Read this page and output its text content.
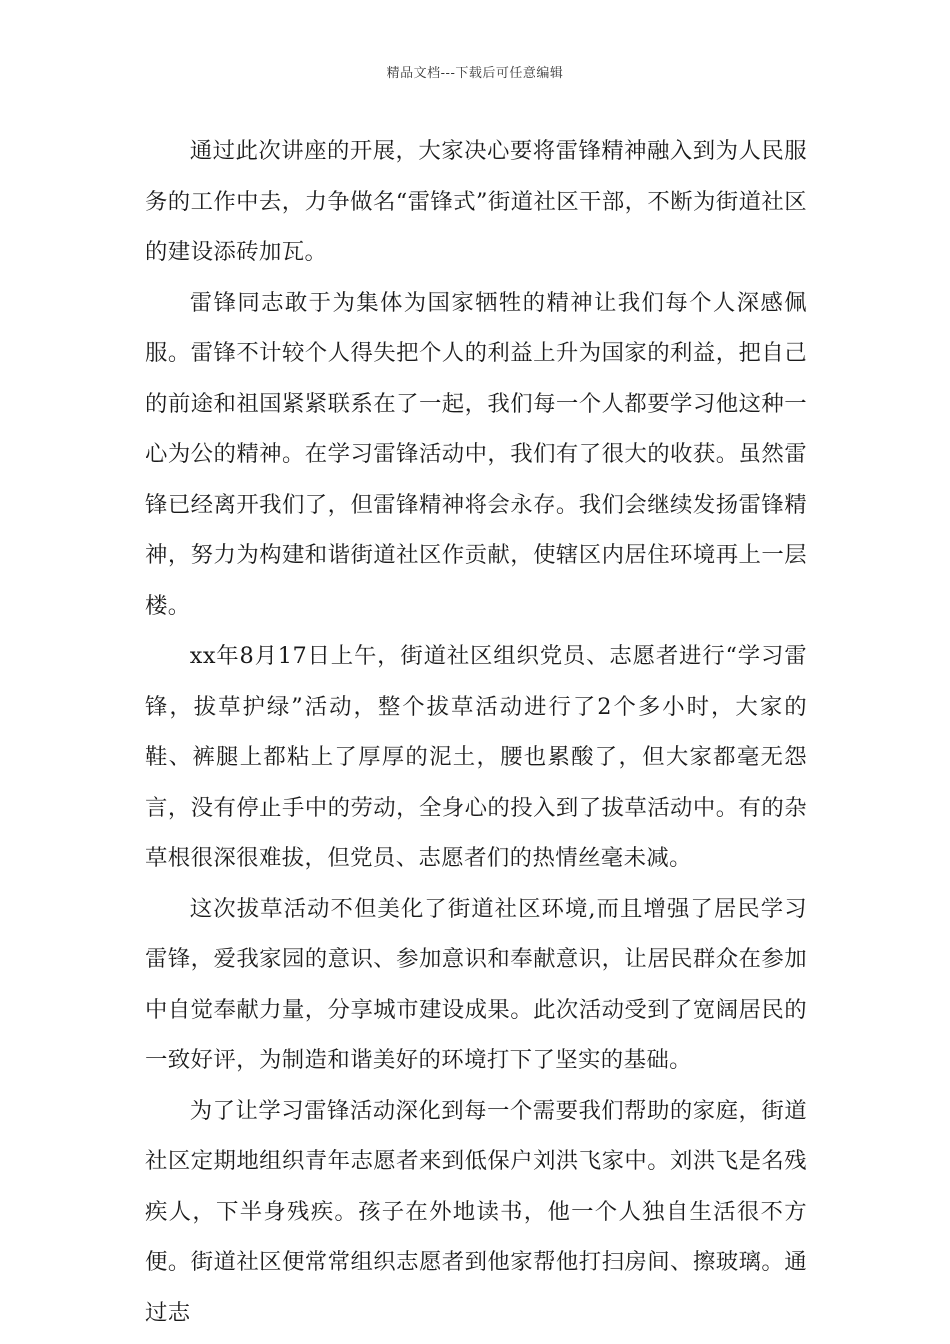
精品文档---下载后可任意编辑

通过此次讲座的开展，大家决心要将雷锋精神融入到为人民服务的工作中去，力争做名“雷锋式”街道社区干部，不断为街道社区的建设添砖加瓦。

雷锋同志敢于为集体为国家牺牲的精神让我们每个人深感佩服。雷锋不计较个人得失把个人的利益上升为国家的利益，把自己的前途和祖国紧紧联系在了一起，我们每一个人都要学习他这种一心为公的精神。在学习雷锋活动中，我们有了很大的收获。虽然雷锋已经离开我们了，但雷锋精神将会永存。我们会继续发扬雷锋精神，努力为构建和谐街道社区作贡献，使辖区内居住环境再上一层楼。

xx年8月17日上午，街道社区组织党员、志愿者进行“学习雷锋，拔草护绿”活动，整个拔草活动进行了2个多小时，大家的鞋、裤腿上都粘上了厚厚的泥土，腰也累酸了，但大家都毫无怨言，没有停止手中的劳动，全身心的投入到了拔草活动中。有的杂草根很深很难拔，但党员、志愿者们的热情丝毫未减。

这次拔草活动不但美化了街道社区环境,而且增强了居民学习雷锋，爱我家园的意识、参加意识和奉献意识，让居民群众在参加中自觉奉献力量，分享城市建设成果。此次活动受到了宽阔居民的一致好评，为制造和谐美好的环境打下了坚实的基础。

为了让学习雷锋活动深化到每一个需要我们帮助的家庭，街道社区定期地组织青年志愿者来到低保户刘洪飞家中。刘洪飞是名残疾人，下半身残疾。孩子在外地读书，他一个人独自生活很不方便。街道社区便常常组织志愿者到他家帮他打扫房间、擦玻璃。通过志
